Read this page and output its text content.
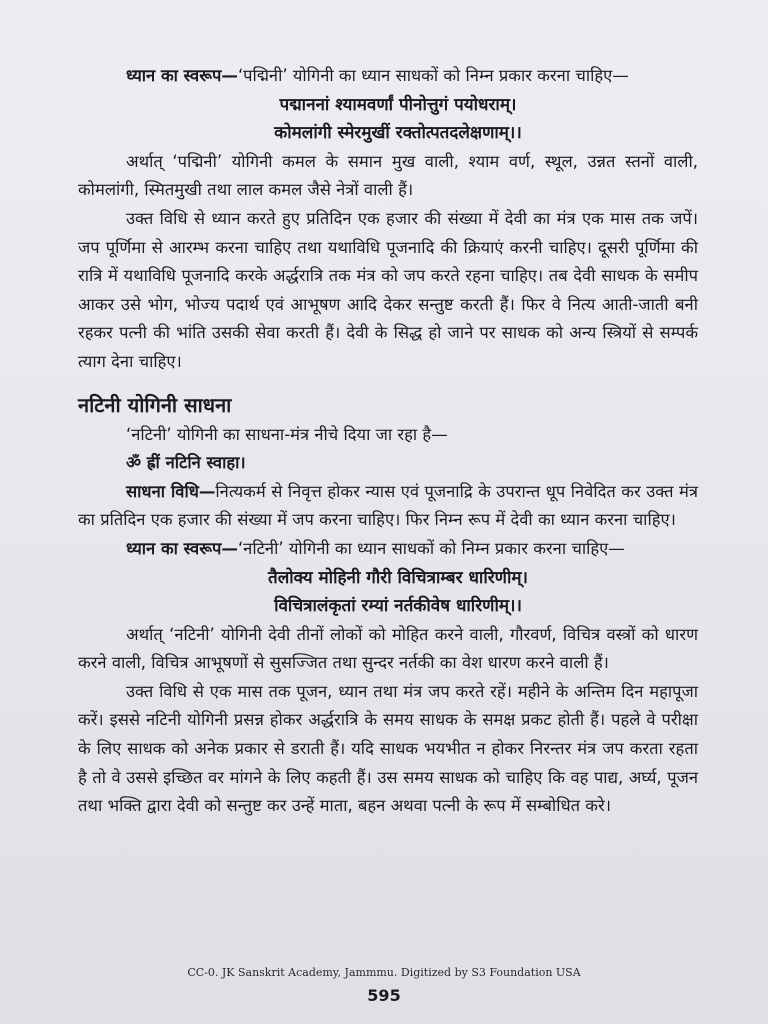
ध्यान का स्वरूप—‘पद्मिनी’ योगिनी का ध्यान साधकों को निम्न प्रकार करना चाहिए—

पद्माननां श्यामवर्णां पीनोत्तुगं पयोधराम्।

कोमलांगी स्मेरमुखीं रक्तोत्पतदलेक्षणाम्।।

अर्थात् ‘पद्मिनी’ योगिनी कमल के समान मुख वाली, श्याम वर्ण, स्थूल, उन्नत स्तनों वाली, कोमलांगी, स्मितमुखी तथा लाल कमल जैसे नेत्रों वाली हैं।

उक्त विधि से ध्यान करते हुए प्रतिदिन एक हजार की संख्या में देवी का मंत्र एक मास तक जपें। जप पूर्णिमा से आरम्भ करना चाहिए तथा यथाविधि पूजनादि की क्रियाएं करनी चाहिए। दूसरी पूर्णिमा की रात्रि में यथाविधि पूजनादि करके अर्द्धरात्रि तक मंत्र को जप करते रहना चाहिए। तब देवी साधक के समीप आकर उसे भोग, भोज्य पदार्थ एवं आभूषण आदि देकर सन्तुष्ट करती हैं। फिर वे नित्य आती-जाती बनी रहकर पत्नी की भांति उसकी सेवा करती हैं। देवी के सिद्ध हो जाने पर साधक को अन्य स्त्रियों से सम्पर्क त्याग देना चाहिए।

नटिनी योगिनी साधना

‘नटिनी’ योगिनी का साधना-मंत्र नीचे दिया जा रहा है—

ॐ ह्रीं नटिनि स्वाहा।

साधना विधि—नित्यकर्म से निवृत्त होकर न्यास एवं पूजनाद्रि के उपरान्त धूप निवेदित कर उक्त मंत्र का प्रतिदिन एक हजार की संख्या में जप करना चाहिए। फिर निम्न रूप में देवी का ध्यान करना चाहिए।

ध्यान का स्वरूप—‘नटिनी’ योगिनी का ध्यान साधकों को निम्न प्रकार करना चाहिए—

तैलोक्य मोहिनी गौरी विचित्राम्बर धारिणीम्।

विचित्रालंकृतां रम्यां नर्तकीवेष धारिणीम्।।

अर्थात् ‘नटिनी’ योगिनी देवी तीनों लोकों को मोहित करने वाली, गौरवर्ण, विचित्र वस्त्रों को धारण करने वाली, विचित्र आभूषणों से सुसज्जित तथा सुन्दर नर्तकी का वेश धारण करने वाली हैं।

उक्त विधि से एक मास तक पूजन, ध्यान तथा मंत्र जप करते रहें। महीने के अन्तिम दिन महापूजा करें। इससे नटिनी योगिनी प्रसन्न होकर अर्द्धरात्रि के समय साधक के समक्ष प्रकट होती हैं। पहले वे परीक्षा के लिए साधक को अनेक प्रकार से डराती हैं। यदि साधक भयभीत न होकर निरन्तर मंत्र जप करता रहता है तो वे उससे इच्छित वर मांगने के लिए कहती हैं। उस समय साधक को चाहिए कि वह पाद्य, अर्घ्य, पूजन तथा भक्ति द्वारा देवी को सन्तुष्ट कर उन्हें माता, बहन अथवा पत्नी के रूप में सम्बोधित करे।

CC-0. JK Sanskrit Academy, Jammmu. Digitized by S3 Foundation USA
595
